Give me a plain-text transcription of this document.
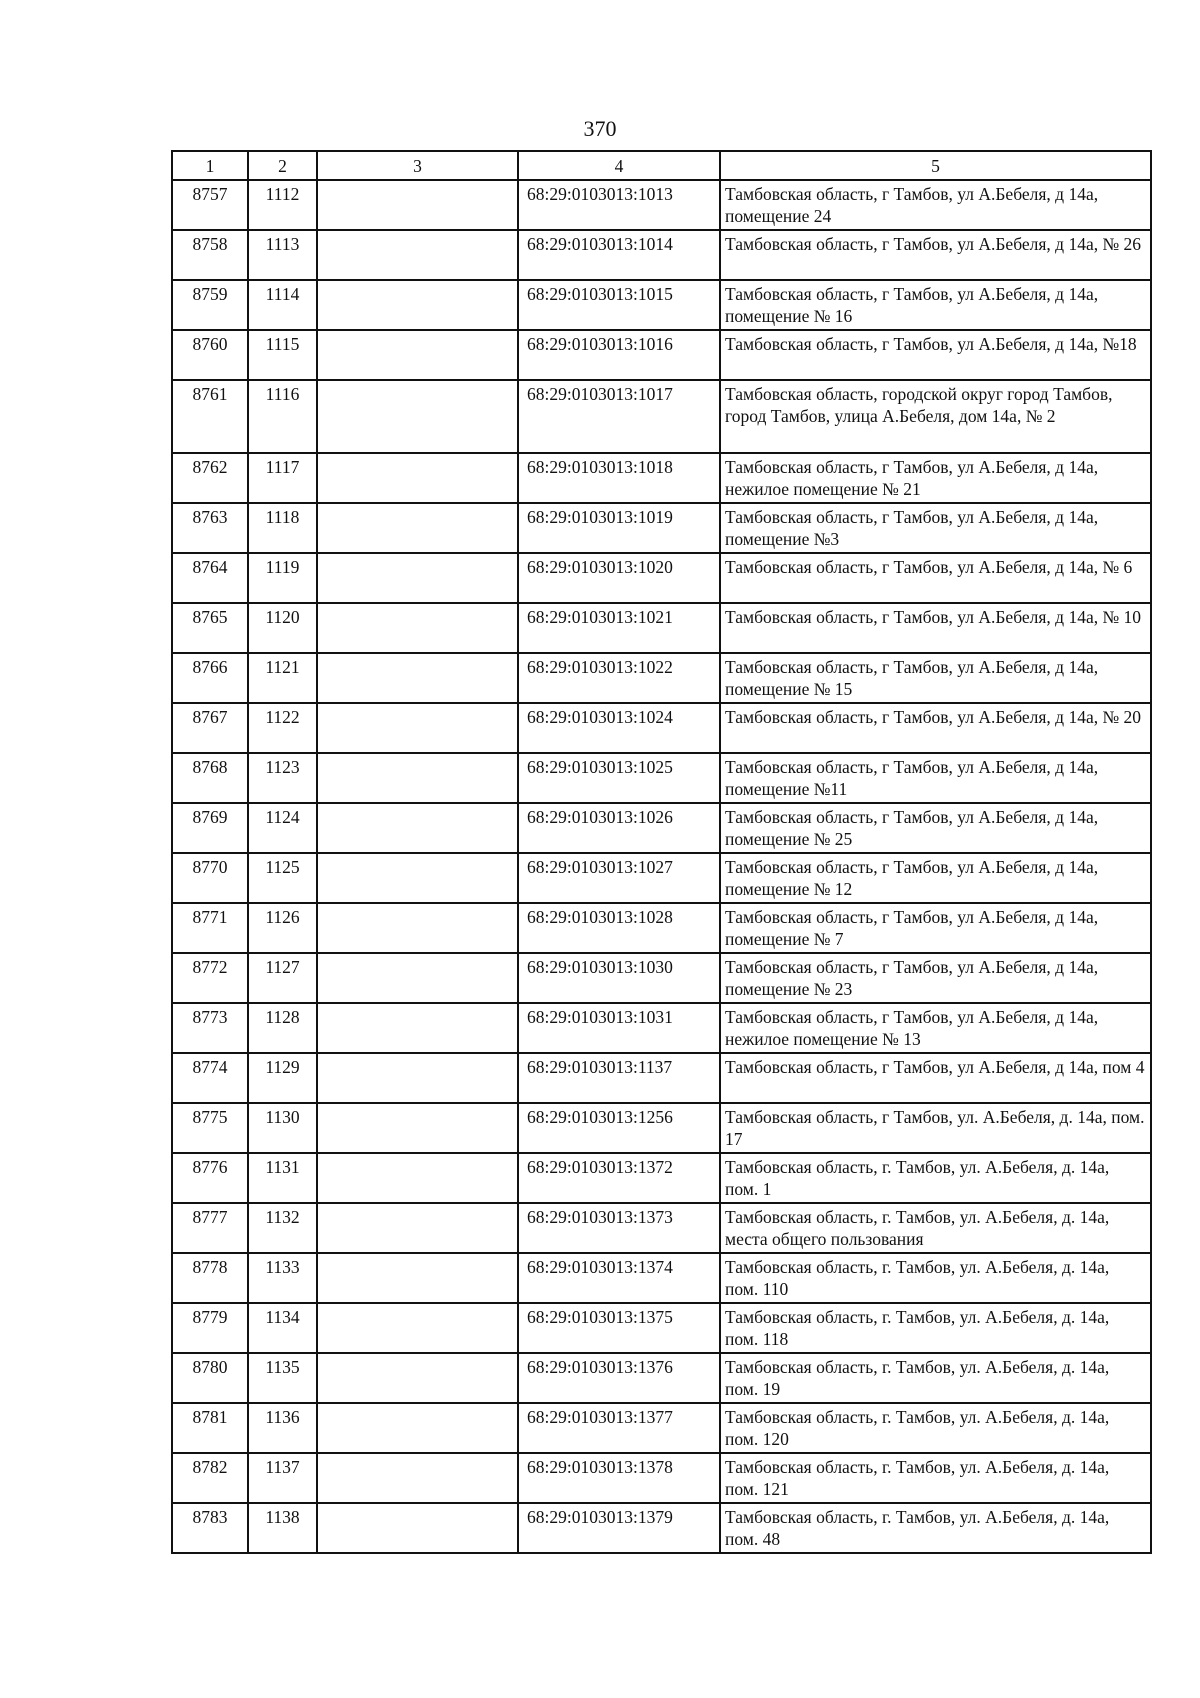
370
1	2	3	4	5
8757	1112		68:29:0103013:1013	Тамбовская область, г Тамбов, ул А.Бебеля, д 14а, помещение 24
8758	1113		68:29:0103013:1014	Тамбовская область, г Тамбов, ул А.Бебеля, д 14а, № 26
8759	1114		68:29:0103013:1015	Тамбовская область, г Тамбов, ул А.Бебеля, д 14а, помещение № 16
8760	1115		68:29:0103013:1016	Тамбовская область, г Тамбов, ул А.Бебеля, д 14а, №18
8761	1116		68:29:0103013:1017	Тамбовская область, городской округ город Тамбов, город Тамбов, улица А.Бебеля, дом 14а, № 2
8762	1117		68:29:0103013:1018	Тамбовская область, г Тамбов, ул А.Бебеля, д 14а, нежилое помещение № 21
8763	1118		68:29:0103013:1019	Тамбовская область, г Тамбов, ул А.Бебеля, д 14а, помещение №3
8764	1119		68:29:0103013:1020	Тамбовская область, г Тамбов, ул А.Бебеля, д 14а, № 6
8765	1120		68:29:0103013:1021	Тамбовская область, г Тамбов, ул А.Бебеля, д 14а, № 10
8766	1121		68:29:0103013:1022	Тамбовская область, г Тамбов, ул А.Бебеля, д 14а, помещение № 15
8767	1122		68:29:0103013:1024	Тамбовская область, г Тамбов, ул А.Бебеля, д 14а, № 20
8768	1123		68:29:0103013:1025	Тамбовская область, г Тамбов, ул А.Бебеля, д 14а, помещение №11
8769	1124		68:29:0103013:1026	Тамбовская область, г Тамбов, ул А.Бебеля, д 14а, помещение № 25
8770	1125		68:29:0103013:1027	Тамбовская область, г Тамбов, ул А.Бебеля, д 14а, помещение № 12
8771	1126		68:29:0103013:1028	Тамбовская область, г Тамбов, ул А.Бебеля, д 14а, помещение № 7
8772	1127		68:29:0103013:1030	Тамбовская область, г Тамбов, ул А.Бебеля, д 14а, помещение № 23
8773	1128		68:29:0103013:1031	Тамбовская область, г Тамбов, ул А.Бебеля, д 14а, нежилое помещение № 13
8774	1129		68:29:0103013:1137	Тамбовская область, г Тамбов, ул А.Бебеля, д 14а, пом 4
8775	1130		68:29:0103013:1256	Тамбовская область, г Тамбов, ул. А.Бебеля, д. 14а, пом. 17
8776	1131		68:29:0103013:1372	Тамбовская область, г. Тамбов, ул. А.Бебеля, д. 14а, пом. 1
8777	1132		68:29:0103013:1373	Тамбовская область, г. Тамбов, ул. А.Бебеля, д. 14а, места общего пользования
8778	1133		68:29:0103013:1374	Тамбовская область, г. Тамбов, ул. А.Бебеля, д. 14а, пом. 110
8779	1134		68:29:0103013:1375	Тамбовская область, г. Тамбов, ул. А.Бебеля, д. 14а, пом. 118
8780	1135		68:29:0103013:1376	Тамбовская область, г. Тамбов, ул. А.Бебеля, д. 14а, пом. 19
8781	1136		68:29:0103013:1377	Тамбовская область, г. Тамбов, ул. А.Бебеля, д. 14а, пом. 120
8782	1137		68:29:0103013:1378	Тамбовская область, г. Тамбов, ул. А.Бебеля, д. 14а, пом. 121
8783	1138		68:29:0103013:1379	Тамбовская область, г. Тамбов, ул. А.Бебеля, д. 14а, пом. 48
